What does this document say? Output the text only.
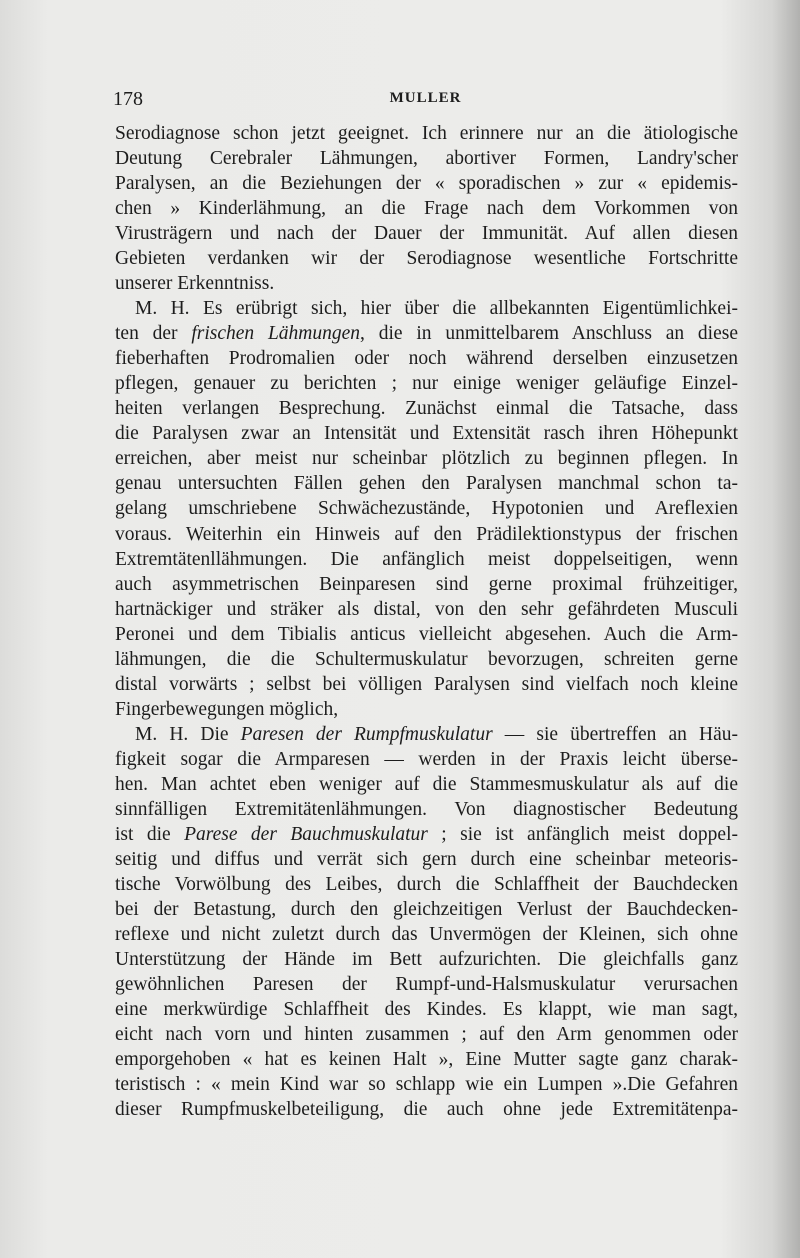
178	MULLER
Serodiagnose schon jetzt geeignet. Ich erinnere nur an die ätiologische
Deutung Cerebraler Lähmungen, abortiver Formen, Landry'scher
Paralysen, an die Beziehungen der « sporadischen » zur « epidemis-
chen » Kinderlähmung, an die Frage nach dem Vorkommen von
Virusträgern und nach der Dauer der Immunität. Auf allen diesen
Gebieten verdanken wir der Serodiagnose wesentliche Fortschritte
unserer Erkenntniss.
M. H. Es erübrigt sich, hier über die allbekannten Eigentümlichkei-
ten der frischen Lähmungen, die in unmittelbarem Anschluss an diese
fieberhaften Prodromalien oder noch während derselben einzusetzen
pflegen, genauer zu berichten ; nur einige weniger geläufige Einzel-
heiten verlangen Besprechung. Zunächst einmal die Tatsache, dass
die Paralysen zwar an Intensität und Extensität rasch ihren Höhepunkt
erreichen, aber meist nur scheinbar plötzlich zu beginnen pflegen. In
genau untersuchten Fällen gehen den Paralysen manchmal schon ta-
gelang umschriebene Schwächezustände, Hypotonien und Areflexien
voraus. Weiterhin ein Hinweis auf den Prädilektionstypus der frischen
Extremtätenllähmungen. Die anfänglich meist doppelseitigen, wenn
auch asymmetrischen Beinparesen sind gerne proximal frühzeitiger,
hartnäckiger und sträker als distal, von den sehr gefährdeten Musculi
Peronei und dem Tibialis anticus vielleicht abgesehen. Auch die Arm-
lähmungen, die die Schultermuskulatur bevorzugen, schreiten gerne
distal vorwärts ; selbst bei völligen Paralysen sind vielfach noch kleine
Fingerbewegungen möglich,
M. H. Die Paresen der Rumpfmuskulatur — sie übertreffen an Häu-
figkeit sogar die Armparesen — werden in der Praxis leicht überse-
hen. Man achtet eben weniger auf die Stammesmuskulatur als auf die
sinnfälligen Extremitätenlähmungen. Von diagnostischer Bedeutung
ist die Parese der Bauchmuskulatur ; sie ist anfänglich meist doppel-
seitig und diffus und verrät sich gern durch eine scheinbar meteoris-
tische Vorwölbung des Leibes, durch die Schlaffheit der Bauchdecken
bei der Betastung, durch den gleichzeitigen Verlust der Bauchdecken-
reflexe und nicht zuletzt durch das Unvermögen der Kleinen, sich ohne
Unterstützung der Hände im Bett aufzurichten. Die gleichfalls ganz
gewöhnlichen Paresen der Rumpf-und-Halsmuskulatur verursachen
eine merkwürdige Schlaffheit des Kindes. Es klappt, wie man sagt,
eicht nach vorn und hinten zusammen ; auf den Arm genommen oder
emporgehoben « hat es keinen Halt », Eine Mutter sagte ganz charak-
teristisch : « mein Kind war so schlapp wie ein Lumpen ».Die Gefahren
dieser Rumpfmuskelbeteiligung, die auch ohne jede Extremitätenpa-
